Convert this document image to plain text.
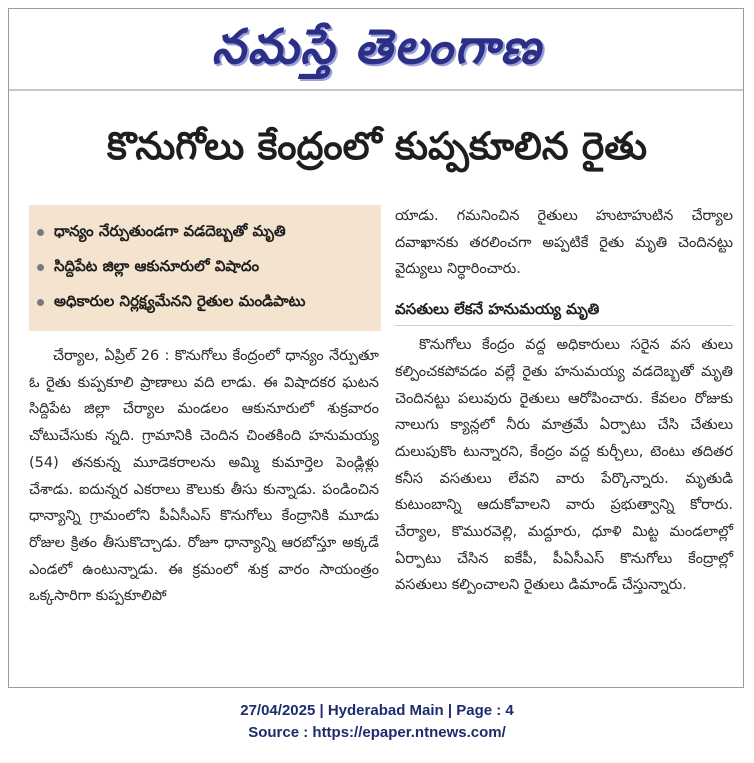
నమస్తే తెలంగాణ
కొనుగోలు కేంద్రంలో కుప్పకూలిన రైతు
ధాన్యం నేర్పుతుండగా వడదెబ్బతో మృతి
సిద్దిపేట జిల్లా ఆకునూరులో విషాదం
అధికారుల నిర్లక్ష్యమేనని రైతుల మండిపాటు

చేర్యాల, ఏప్రిల్ 26 : కొనుగోలు కేంద్రంలో ధాన్యం నేర్పుతూ ఓ రైతు కుప్పకూలి ప్రాణాలు వది లాడు. ఈ విషాదకర ఘటన సిద్దిపేట జిల్లా చేర్యాల మండలం ఆకునూరులో శుక్రవారం చోటుచేసుకు న్నది. గ్రామానికి చెందిన చింతకింది హనుమయ్య (54) తనకున్న మూడెకరాలను అమ్మి కుమార్తెల పెండ్లిళ్లు చేశాడు. ఐదున్నర ఎకరాలు కౌలుకు తీసు కున్నాడు. పండించిన ధాన్యాన్ని గ్రామంలోని పీఏసీఎస్ కొనుగోలు కేంద్రానికి మూడు రోజుల క్రితం తీసుకొచ్చాడు. రోజూ ధాన్యాన్ని ఆరబోస్తూ అక్కడే ఎండలో ఉంటున్నాడు. ఈ క్రమంలో శుక్ర వారం సాయంత్రం ఒక్కసారిగా కుప్పకూలిపో

యాడు. గమనించిన రైతులు హుటాహుటిన చేర్యాల దవాఖానకు తరలించగా అప్పటికే రైతు మృతి చెందినట్టు వైద్యులు నిర్ధారించారు.

వసతులు లేకనే హనుమయ్య మృతి

కొనుగోలు కేంద్రం వద్ద అధికారులు సరైన వస తులు కల్పించకపోవడం వల్లే రైతు హనుమయ్య వడదెబ్బతో మృతి చెందినట్టు పలువురు రైతులు ఆరోపించారు. కేవలం రోజుకు నాలుగు క్యాన్లలో నీరు మాత్రమే ఏర్పాటు చేసి చేతులు దులుపుకొం టున్నారని, కేంద్రం వద్ద కుర్చీలు, టెంటు తదితర కనీస వసతులు లేవని వారు పేర్కొన్నారు. మృతుడి కుటుంబాన్ని ఆదుకోవాలని వారు ప్రభుత్వాన్ని కోరారు. చేర్యాల, కొమురవెల్లి, మద్దూరు, ధూళి మిట్ట మండలాల్లో ఏర్పాటు చేసిన ఐకేపీ, పీఏసీఎస్ కొనుగోలు కేంద్రాల్లో వసతులు కల్పించాలని రైతులు డిమాండ్ చేస్తున్నారు.

27/04/2025 | Hyderabad Main | Page : 4
Source : https://epaper.ntnews.com/
